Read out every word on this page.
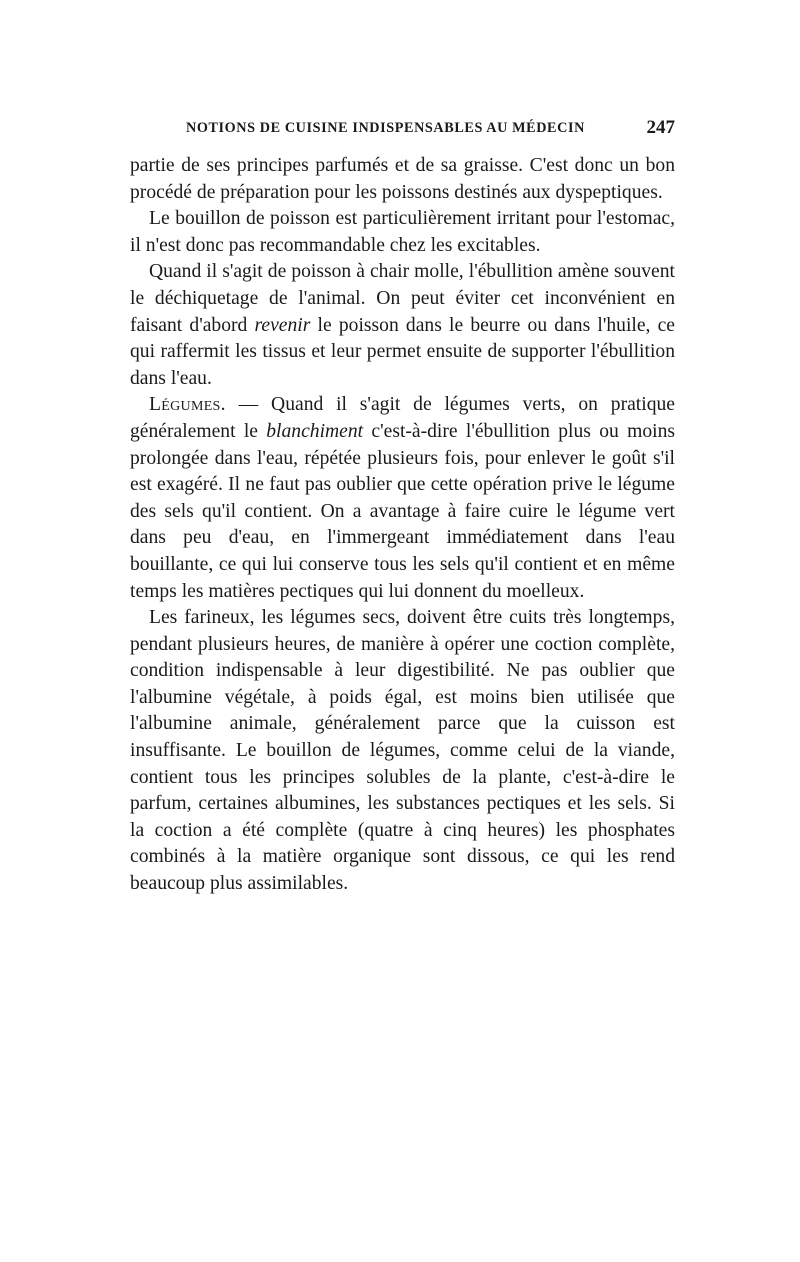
NOTIONS DE CUISINE INDISPENSABLES AU MÉDECIN	247

partie de ses principes parfumés et de sa graisse. C'est donc un bon procédé de préparation pour les poissons destinés aux dyspeptiques.

Le bouillon de poisson est particulièrement irritant pour l'estomac, il n'est donc pas recommandable chez les excitables.

Quand il s'agit de poisson à chair molle, l'ébullition amène souvent le déchiquetage de l'animal. On peut éviter cet inconvénient en faisant d'abord revenir le poisson dans le beurre ou dans l'huile, ce qui raffermit les tissus et leur permet ensuite de supporter l'ébullition dans l'eau.

Légumes. — Quand il s'agit de légumes verts, on pratique généralement le blanchiment c'est-à-dire l'ébullition plus ou moins prolongée dans l'eau, répétée plusieurs fois, pour enlever le goût s'il est exagéré. Il ne faut pas oublier que cette opération prive le légume des sels qu'il contient. On a avantage à faire cuire le légume vert dans peu d'eau, en l'immergeant immédiatement dans l'eau bouillante, ce qui lui conserve tous les sels qu'il contient et en même temps les matières pectiques qui lui donnent du moelleux.

Les farineux, les légumes secs, doivent être cuits très longtemps, pendant plusieurs heures, de manière à opérer une coction complète, condition indispensable à leur digestibilité. Ne pas oublier que l'albumine végétale, à poids égal, est moins bien utilisée que l'albumine animale, généralement parce que la cuisson est insuffisante. Le bouillon de légumes, comme celui de la viande, contient tous les principes solubles de la plante, c'est-à-dire le parfum, certaines albumines, les substances pectiques et les sels. Si la coction a été complète (quatre à cinq heures) les phosphates combinés à la matière organique sont dissous, ce qui les rend beaucoup plus assimilables.
